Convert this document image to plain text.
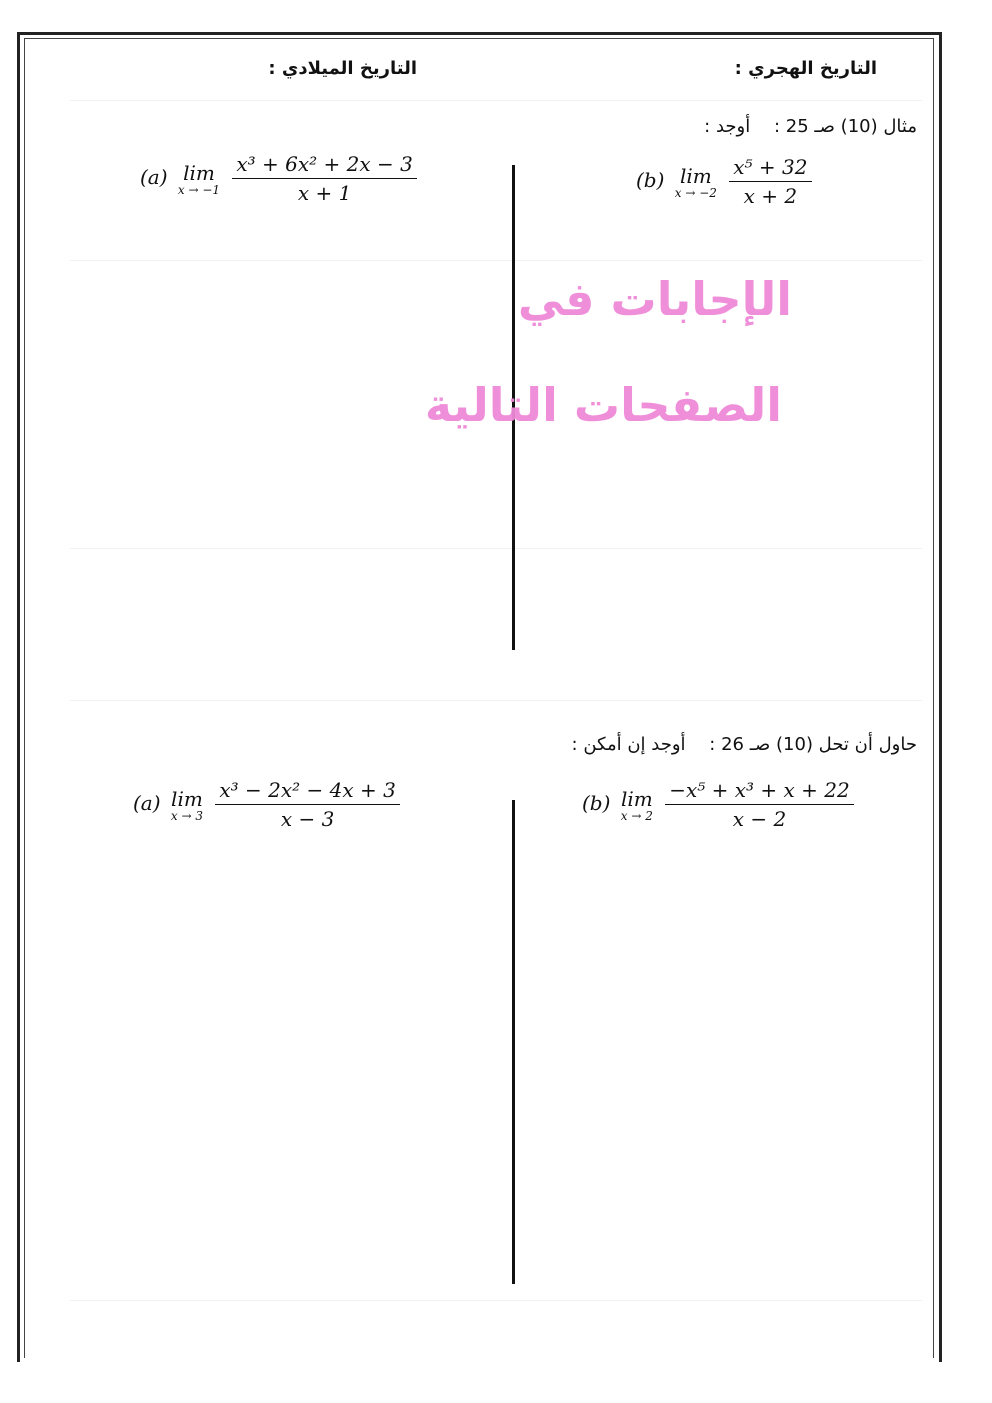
التاريخ الهجري :
التاريخ الميلادي :
مثال (10) صـ 25 : أوجد :
(a) lim
x → −1
$\frac{\text{x³ + 6x² + 2x − 3}}{x + 1}$	(b) lim
x → −2
$\frac{\text{x⁵ + 32}}{x + 2}$
الإجابات في
الصفحات التالية
حاول أن تحل (10) صـ 26 : أوجد إن أمكن :
(a) lim
x → 3
$\frac{\text{x³ − 2x² − 4x + 3}}{x - 3}$	(b) lim
x → 2
$\frac{\text{−x⁵ + x³ + x + 22}}{x - 2}$
